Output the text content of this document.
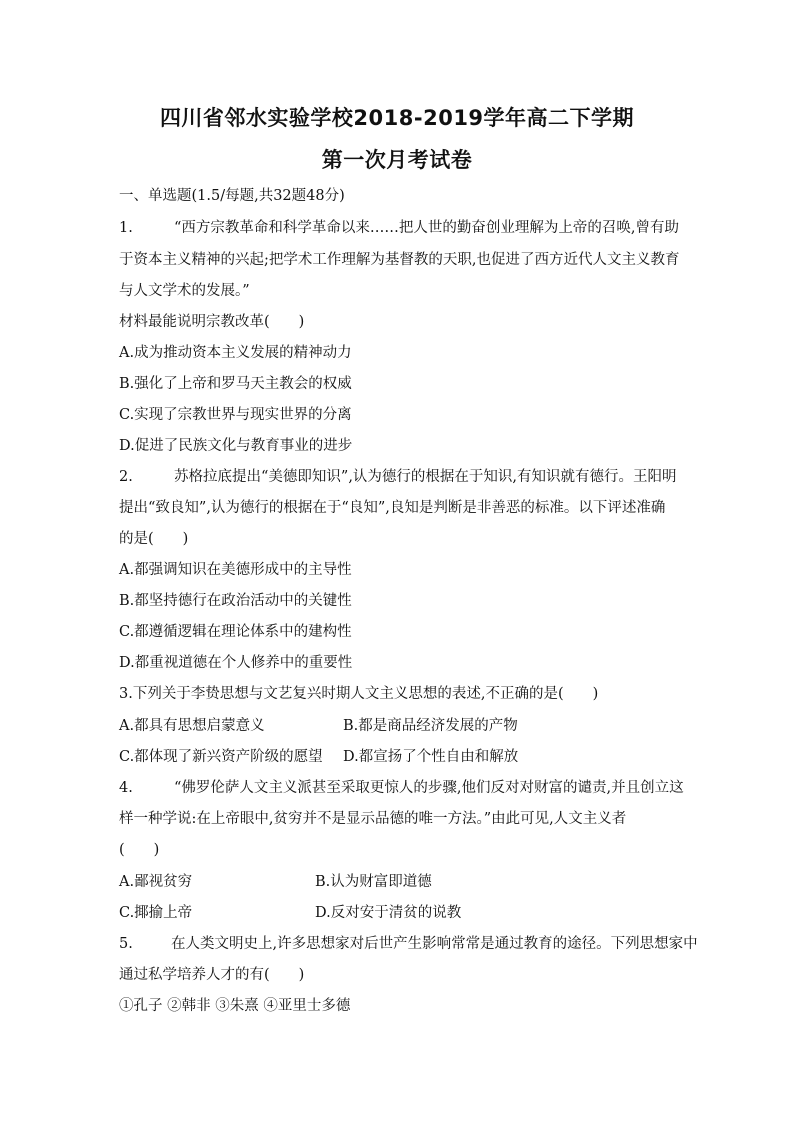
四川省邻水实验学校2018-2019学年高二下学期
第一次月考试卷
一、单选题(1.5/每题,共32题48分)
1.	“西方宗教革命和科学革命以来……把人世的勤奋创业理解为上帝的召唤,曾有助
于资本主义精神的兴起;把学术工作理解为基督教的天职,也促进了西方近代人文主义教育
与人文学术的发展。”
材料最能说明宗教改革(　　)
A.成为推动资本主义发展的精神动力
B.强化了上帝和罗马天主教会的权威
C.实现了宗教世界与现实世界的分离
D.促进了民族文化与教育事业的进步
2.	苏格拉底提出“美德即知识”,认为德行的根据在于知识,有知识就有德行。王阳明
提出“致良知”,认为德行的根据在于“良知”,良知是判断是非善恶的标准。以下评述准确
的是(　　)
A.都强调知识在美德形成中的主导性
B.都坚持德行在政治活动中的关键性
C.都遵循逻辑在理论体系中的建构性
D.都重视道德在个人修养中的重要性
3.下列关于李贽思想与文艺复兴时期人文主义思想的表述,不正确的是(　　)
A.都具有思想启蒙意义	B.都是商品经济发展的产物
C.都体现了新兴资产阶级的愿望 D.都宣扬了个性自由和解放
4.	“佛罗伦萨人文主义派甚至采取更惊人的步骤,他们反对对财富的谴责,并且创立这
样一种学说:在上帝眼中,贫穷并不是显示品德的唯一方法。”由此可见,人文主义者
(　　)
A.鄙视贫穷	B.认为财富即道德
C.揶揄上帝	D.反对安于清贫的说教
5.	在人类文明史上,许多思想家对后世产生影响常常是通过教育的途径。下列思想家中
通过私学培养人才的有(　　)
①孔子 ②韩非 ③朱熹 ④亚里士多德
